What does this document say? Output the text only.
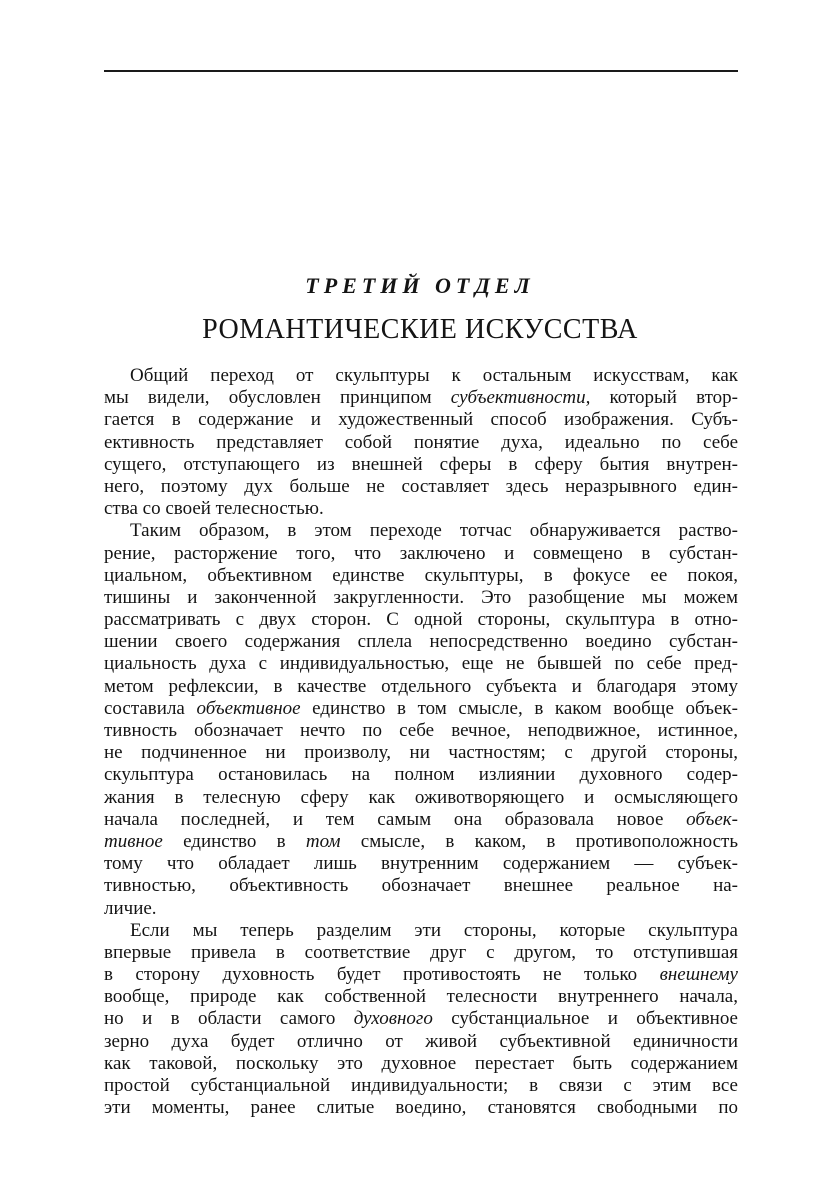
ТРЕТИЙ ОТДЕЛ
РОМАНТИЧЕСКИЕ ИСКУССТВА
Общий переход от скульптуры к остальным искусствам, как
мы видели, обусловлен принципом субъективности, который втор-
гается в содержание и художественный способ изображения. Субъ-
ективность представляет собой понятие духа, идеально по себе
сущего, отступающего из внешней сферы в сферу бытия внутрен-
него, поэтому дух больше не составляет здесь неразрывного един-
ства со своей телесностью.
Таким образом, в этом переходе тотчас обнаруживается раство-
рение, расторжение того, что заключено и совмещено в субстан-
циальном, объективном единстве скульптуры, в фокусе ее покоя,
тишины и законченной закругленности. Это разобщение мы можем
рассматривать с двух сторон. С одной стороны, скульптура в отно-
шении своего содержания сплела непосредственно воедино субстан-
циальность духа с индивидуальностью, еще не бывшей по себе пред-
метом рефлексии, в качестве отдельного субъекта и благодаря этому
составила объективное единство в том смысле, в каком вообще объек-
тивность обозначает нечто по себе вечное, неподвижное, истинное,
не подчиненное ни произволу, ни частностям; с другой стороны,
скульптура остановилась на полном излиянии духовного содер-
жания в телесную сферу как оживотворяющего и осмысляющего
начала последней, и тем самым она образовала новое объек-
тивное единство в том смысле, в каком, в противоположность
тому что обладает лишь внутренним содержанием — субъек-
тивностью, объективность обозначает внешнее реальное на-
личие.
Если мы теперь разделим эти стороны, которые скульптура
впервые привела в соответствие друг с другом, то отступившая
в сторону духовность будет противостоять не только внешнему
вообще, природе как собственной телесности внутреннего начала,
но и в области самого духовного субстанциальное и объективное
зерно духа будет отлично от живой субъективной единичности
как таковой, поскольку это духовное перестает быть содержанием
простой субстанциальной индивидуальности; в связи с этим все
эти моменты, ранее слитые воедино, становятся свободными по
